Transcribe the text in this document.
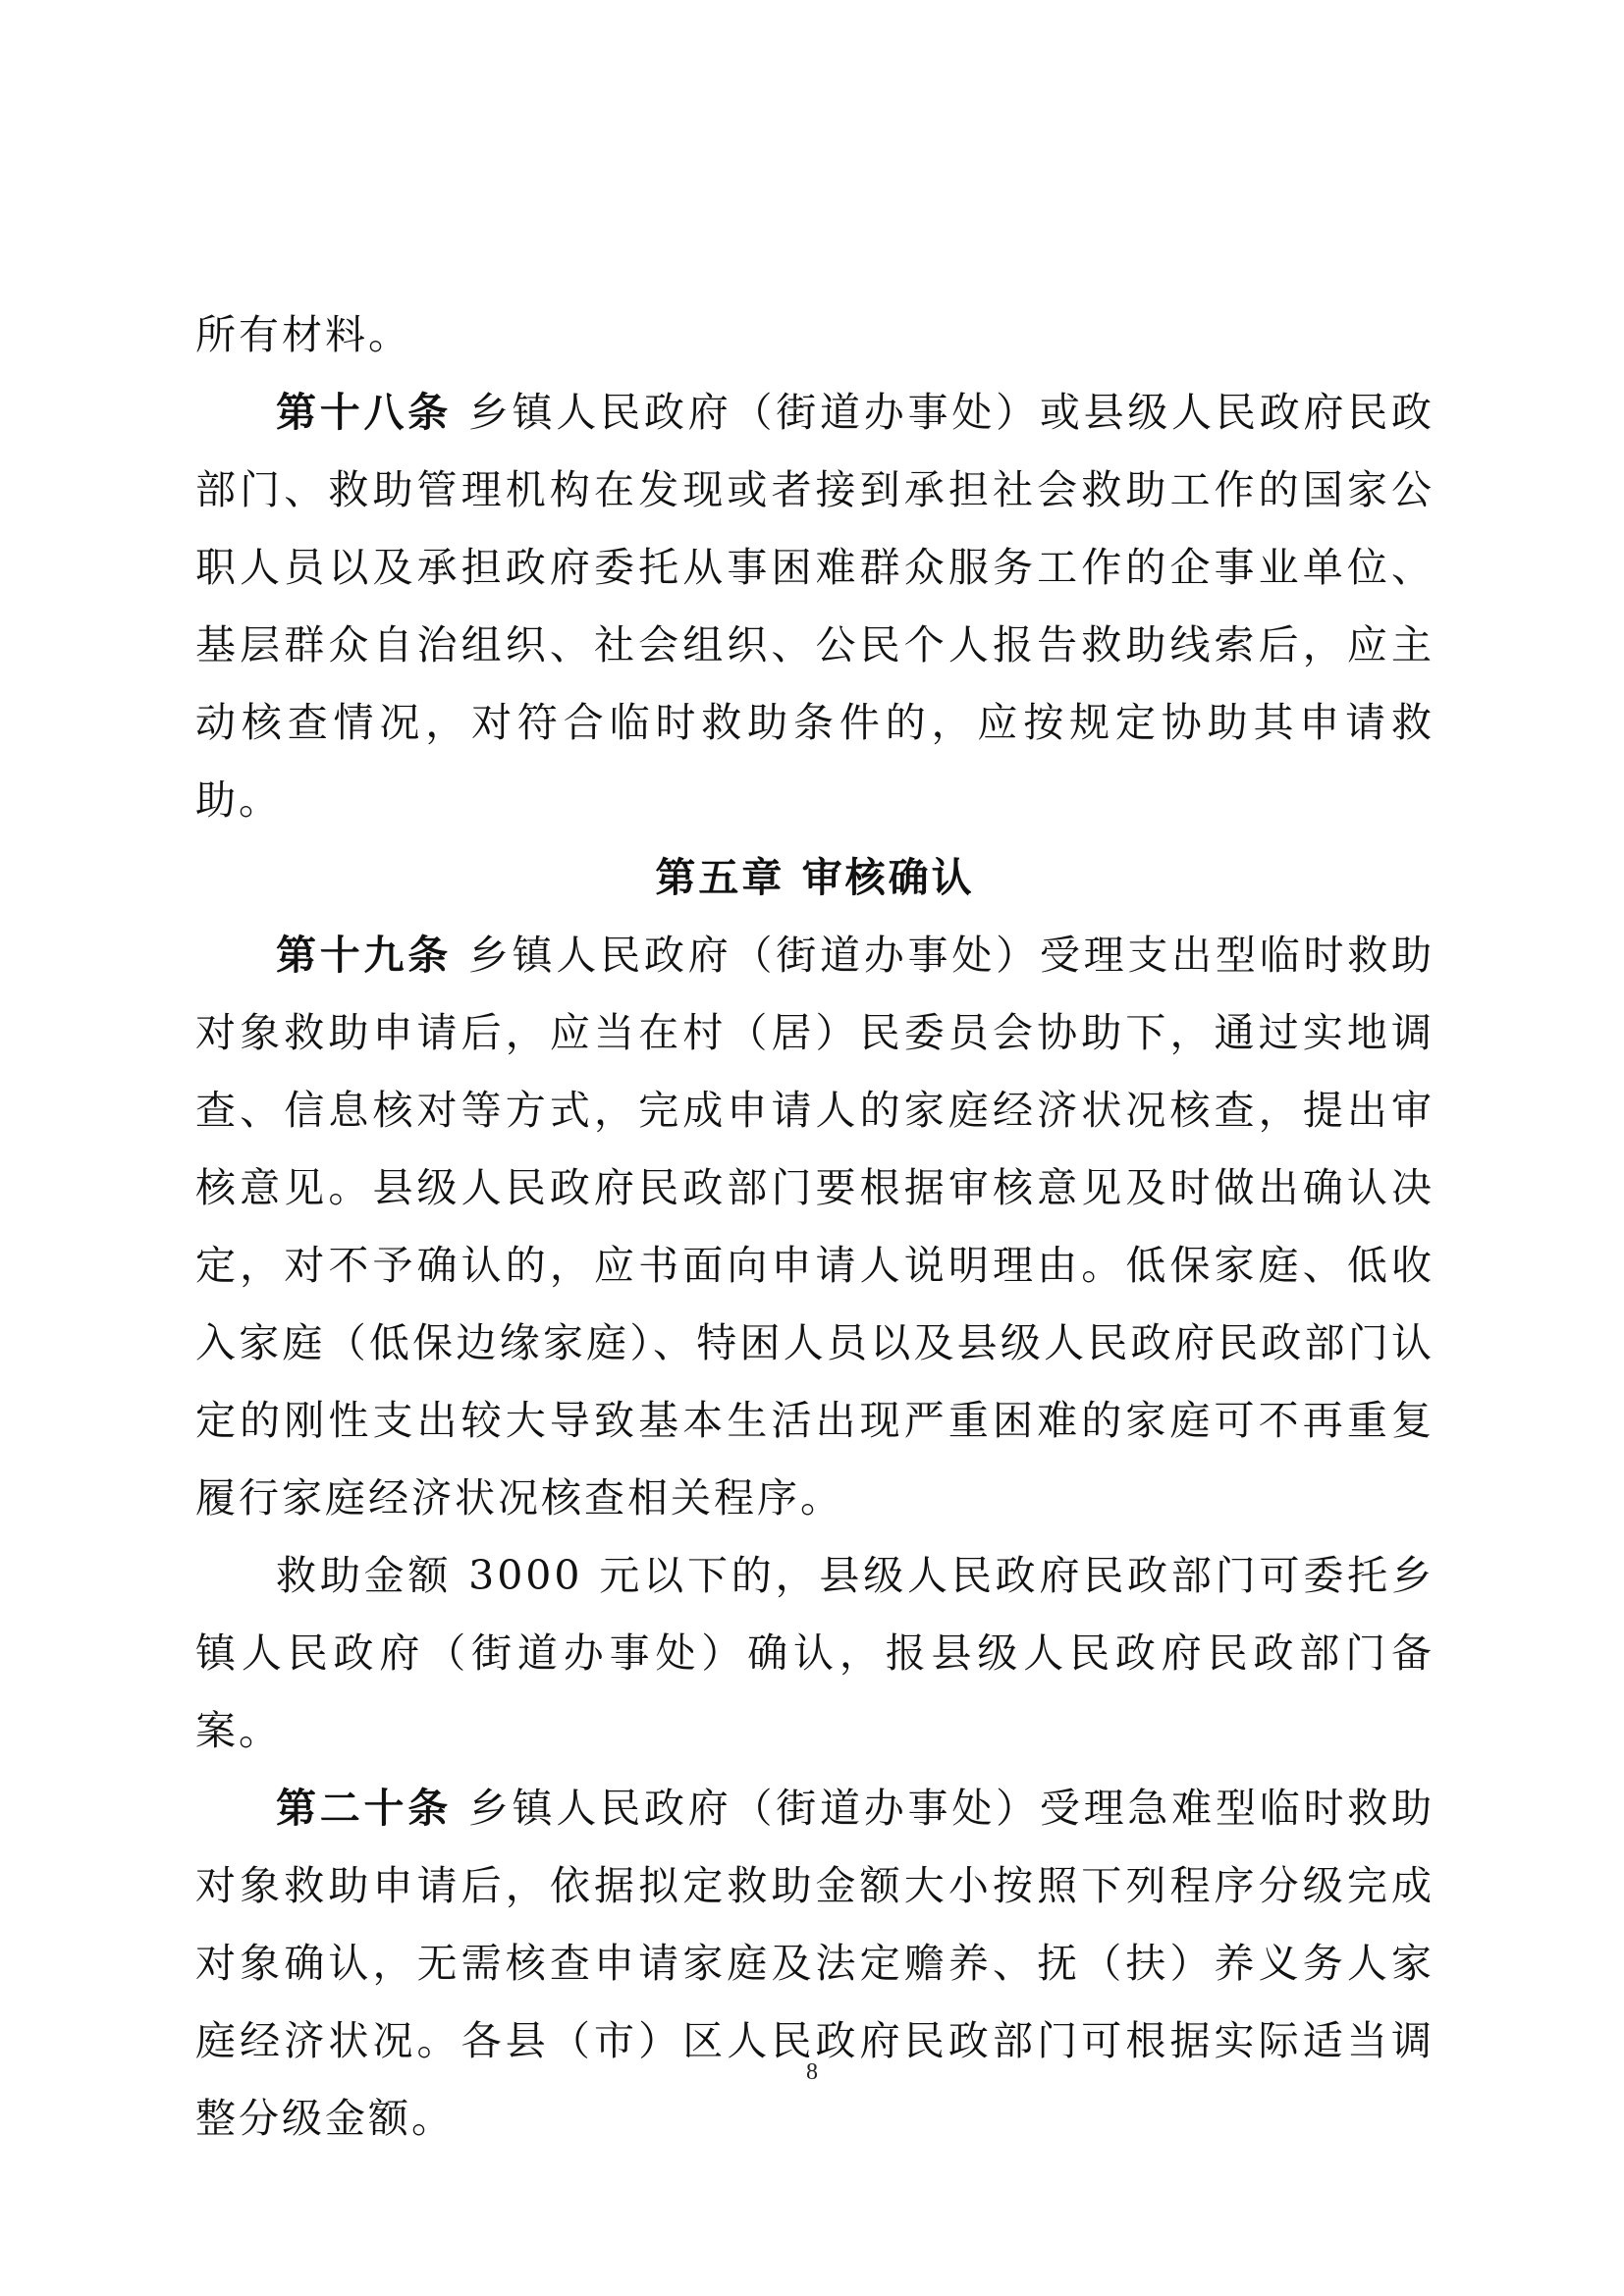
所有材料。

第十八条 乡镇人民政府（街道办事处）或县级人民政府民政部门、救助管理机构在发现或者接到承担社会救助工作的国家公职人员以及承担政府委托从事困难群众服务工作的企事业单位、基层群众自治组织、社会组织、公民个人报告救助线索后，应主动核查情况，对符合临时救助条件的，应按规定协助其申请救助。

第五章 审核确认

第十九条 乡镇人民政府（街道办事处）受理支出型临时救助对象救助申请后，应当在村（居）民委员会协助下，通过实地调查、信息核对等方式，完成申请人的家庭经济状况核查，提出审核意见。县级人民政府民政部门要根据审核意见及时做出确认决定，对不予确认的，应书面向申请人说明理由。低保家庭、低收入家庭（低保边缘家庭）、特困人员以及县级人民政府民政部门认定的刚性支出较大导致基本生活出现严重困难的家庭可不再重复履行家庭经济状况核查相关程序。

救助金额 3000 元以下的，县级人民政府民政部门可委托乡镇人民政府（街道办事处）确认，报县级人民政府民政部门备案。

第二十条 乡镇人民政府（街道办事处）受理急难型临时救助对象救助申请后，依据拟定救助金额大小按照下列程序分级完成对象确认，无需核查申请家庭及法定赡养、抚（扶）养义务人家庭经济状况。各县（市）区人民政府民政部门可根据实际适当调整分级金额。

8
